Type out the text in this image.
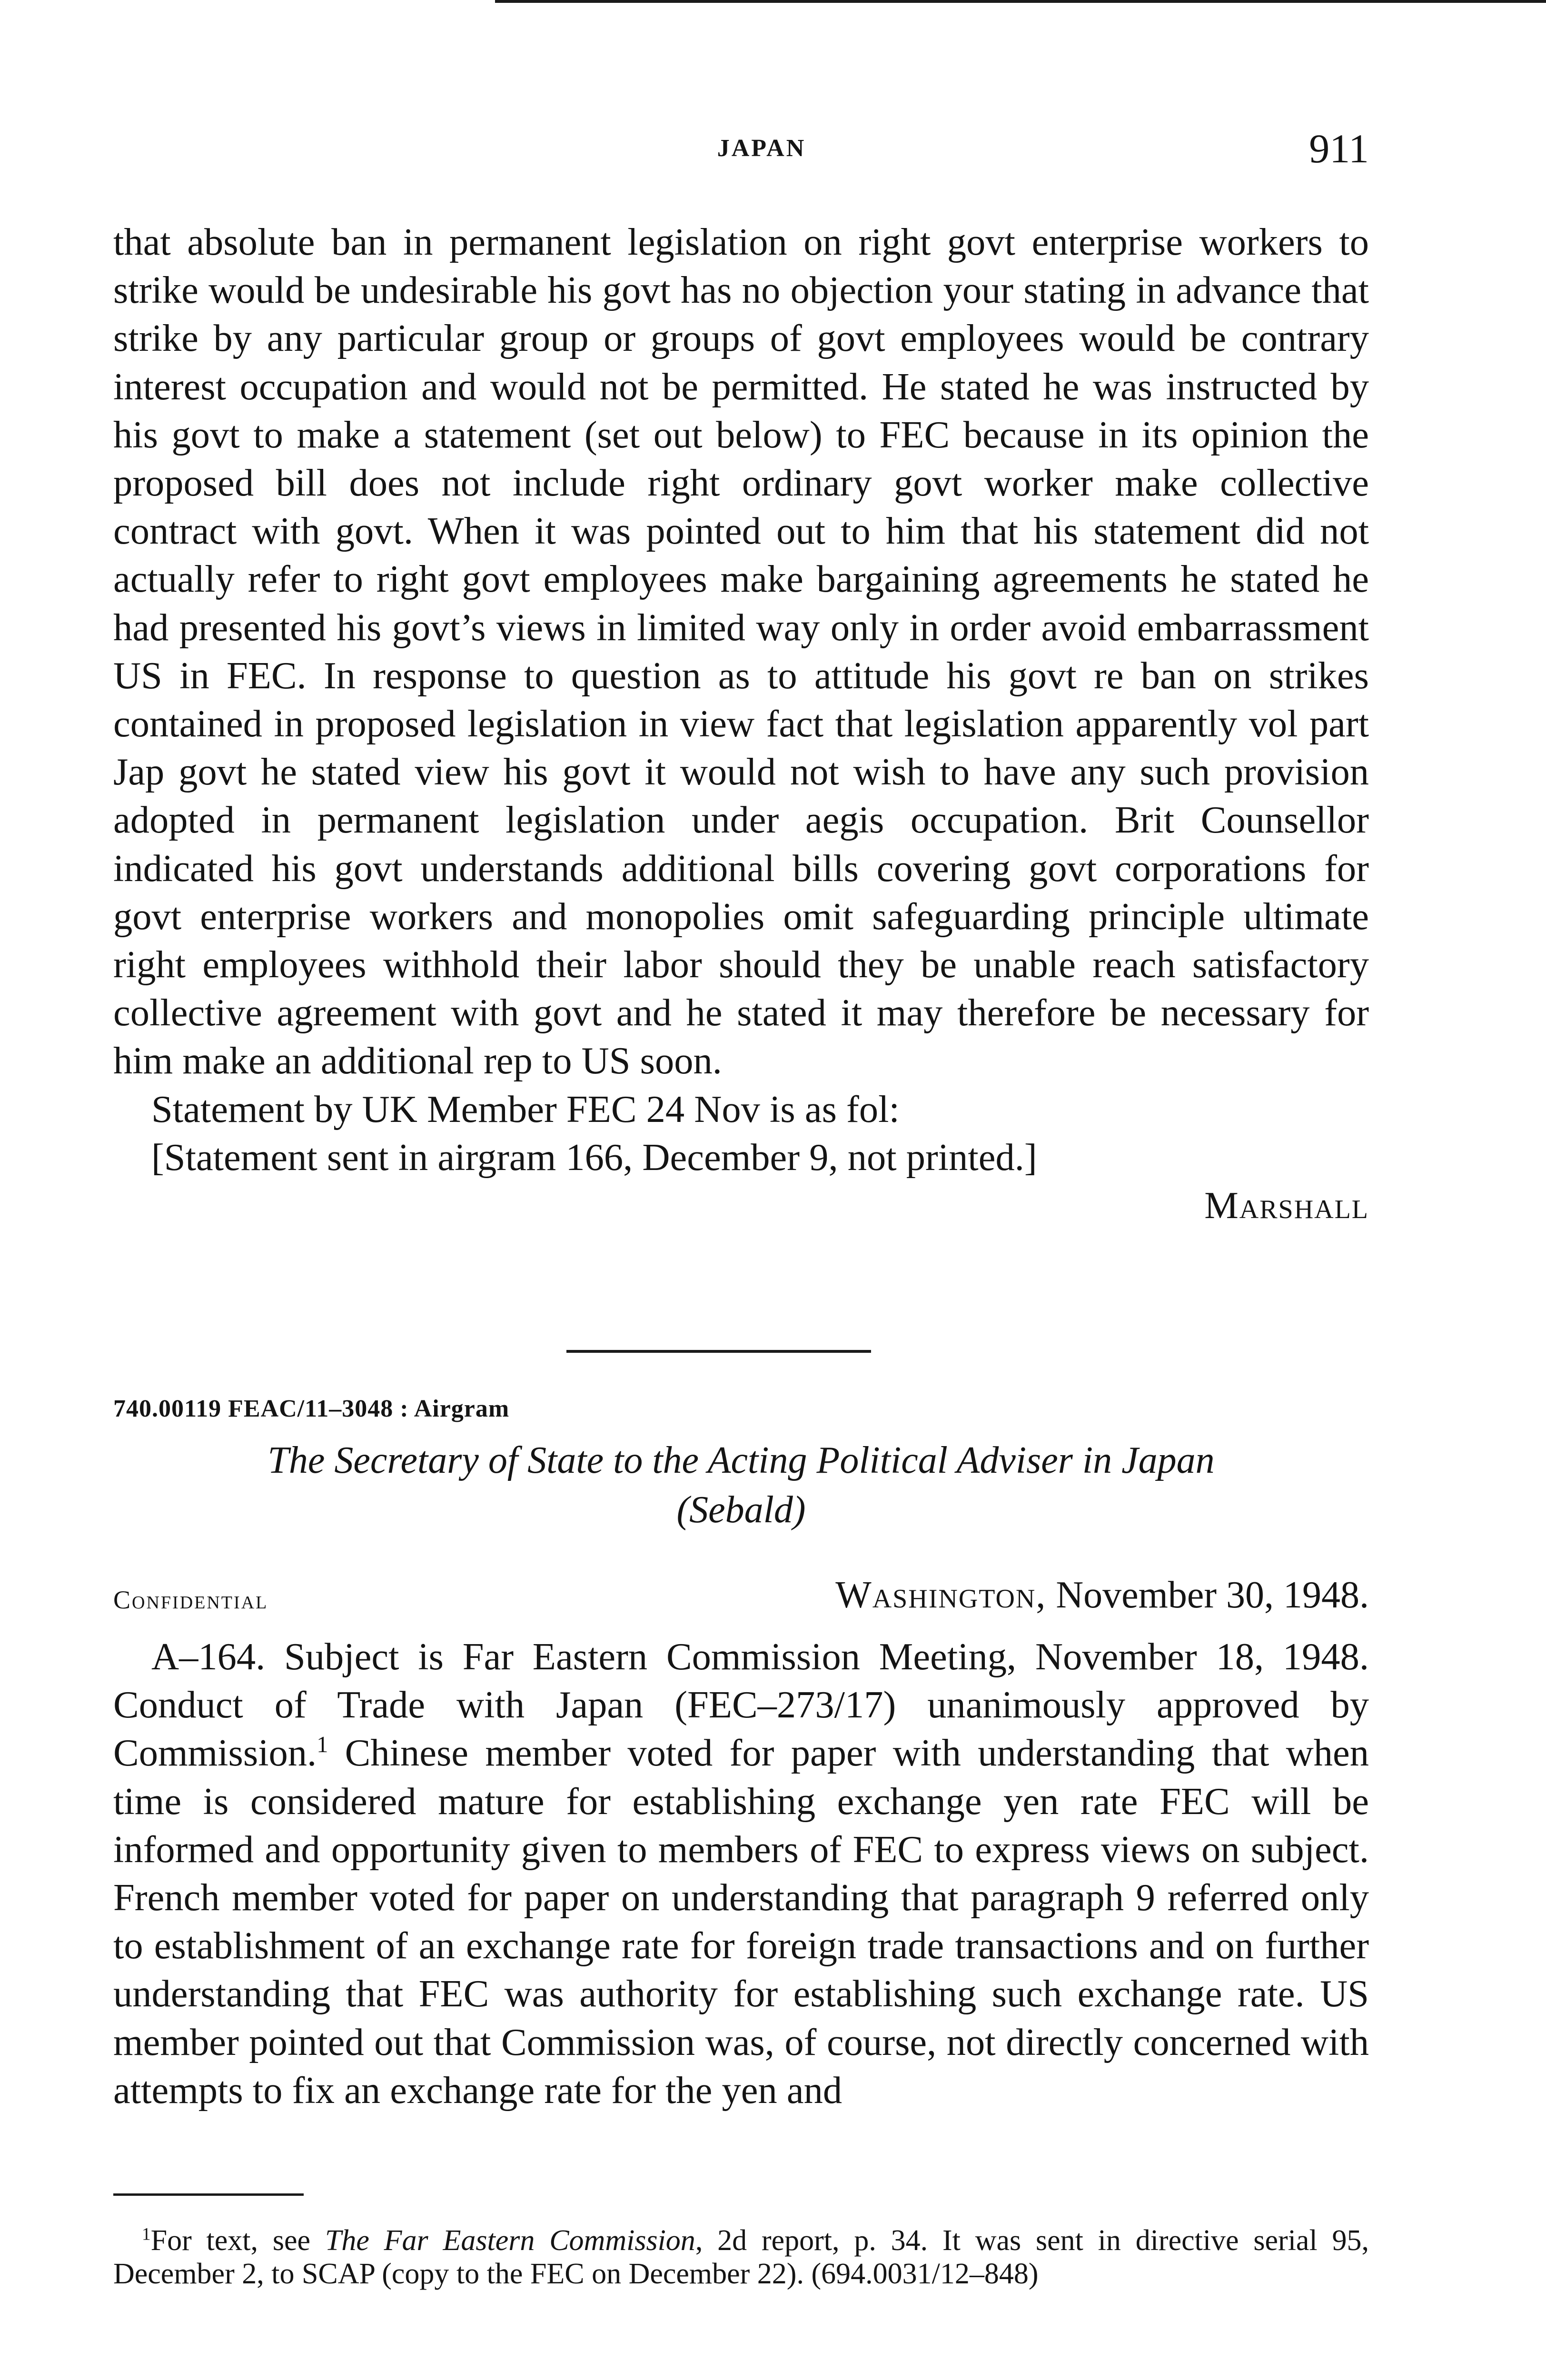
JAPAN	911

that absolute ban in permanent legislation on right govt enterprise workers to strike would be undesirable his govt has no objection your stating in advance that strike by any particular group or groups of govt employees would be contrary interest occupation and would not be permitted. He stated he was instructed by his govt to make a statement (set out below) to FEC because in its opinion the proposed bill does not include right ordinary govt worker make collective contract with govt. When it was pointed out to him that his statement did not actually refer to right govt employees make bargaining agreements he stated he had presented his govt’s views in limited way only in order avoid embarrassment US in FEC. In response to question as to attitude his govt re ban on strikes contained in proposed legislation in view fact that legislation apparently vol part Jap govt he stated view his govt it would not wish to have any such provision adopted in permanent legislation under aegis occupation. Brit Counsellor indicated his govt understands additional bills covering govt corporations for govt enterprise workers and monopolies omit safeguarding principle ultimate right employees withhold their labor should they be unable reach satisfactory collective agreement with govt and he stated it may therefore be necessary for him make an additional rep to US soon.

Statement by UK Member FEC 24 Nov is as fol:

[Statement sent in airgram 166, December 9, not printed.]

Marshall

740.00119 FEAC/11–3048 : Airgram
The Secretary of State to the Acting Political Adviser in Japan
(Sebald)
Confidential	Washington, November 30, 1948.

A–164. Subject is Far Eastern Commission Meeting, November 18, 1948. Conduct of Trade with Japan (FEC–273/17) unanimously approved by Commission.$^1$ Chinese member voted for paper with understanding that when time is considered mature for establishing exchange yen rate FEC will be informed and opportunity given to members of FEC to express views on subject. French member voted for paper on understanding that paragraph 9 referred only to establishment of an exchange rate for foreign trade transactions and on further understanding that FEC was authority for establishing such exchange rate. US member pointed out that Commission was, of course, not directly concerned with attempts to fix an exchange rate for the yen and

$^1$For text, see The Far Eastern Commission, 2d report, p. 34. It was sent in directive serial 95, December 2, to SCAP (copy to the FEC on December 22). (694.0031/12–848)
